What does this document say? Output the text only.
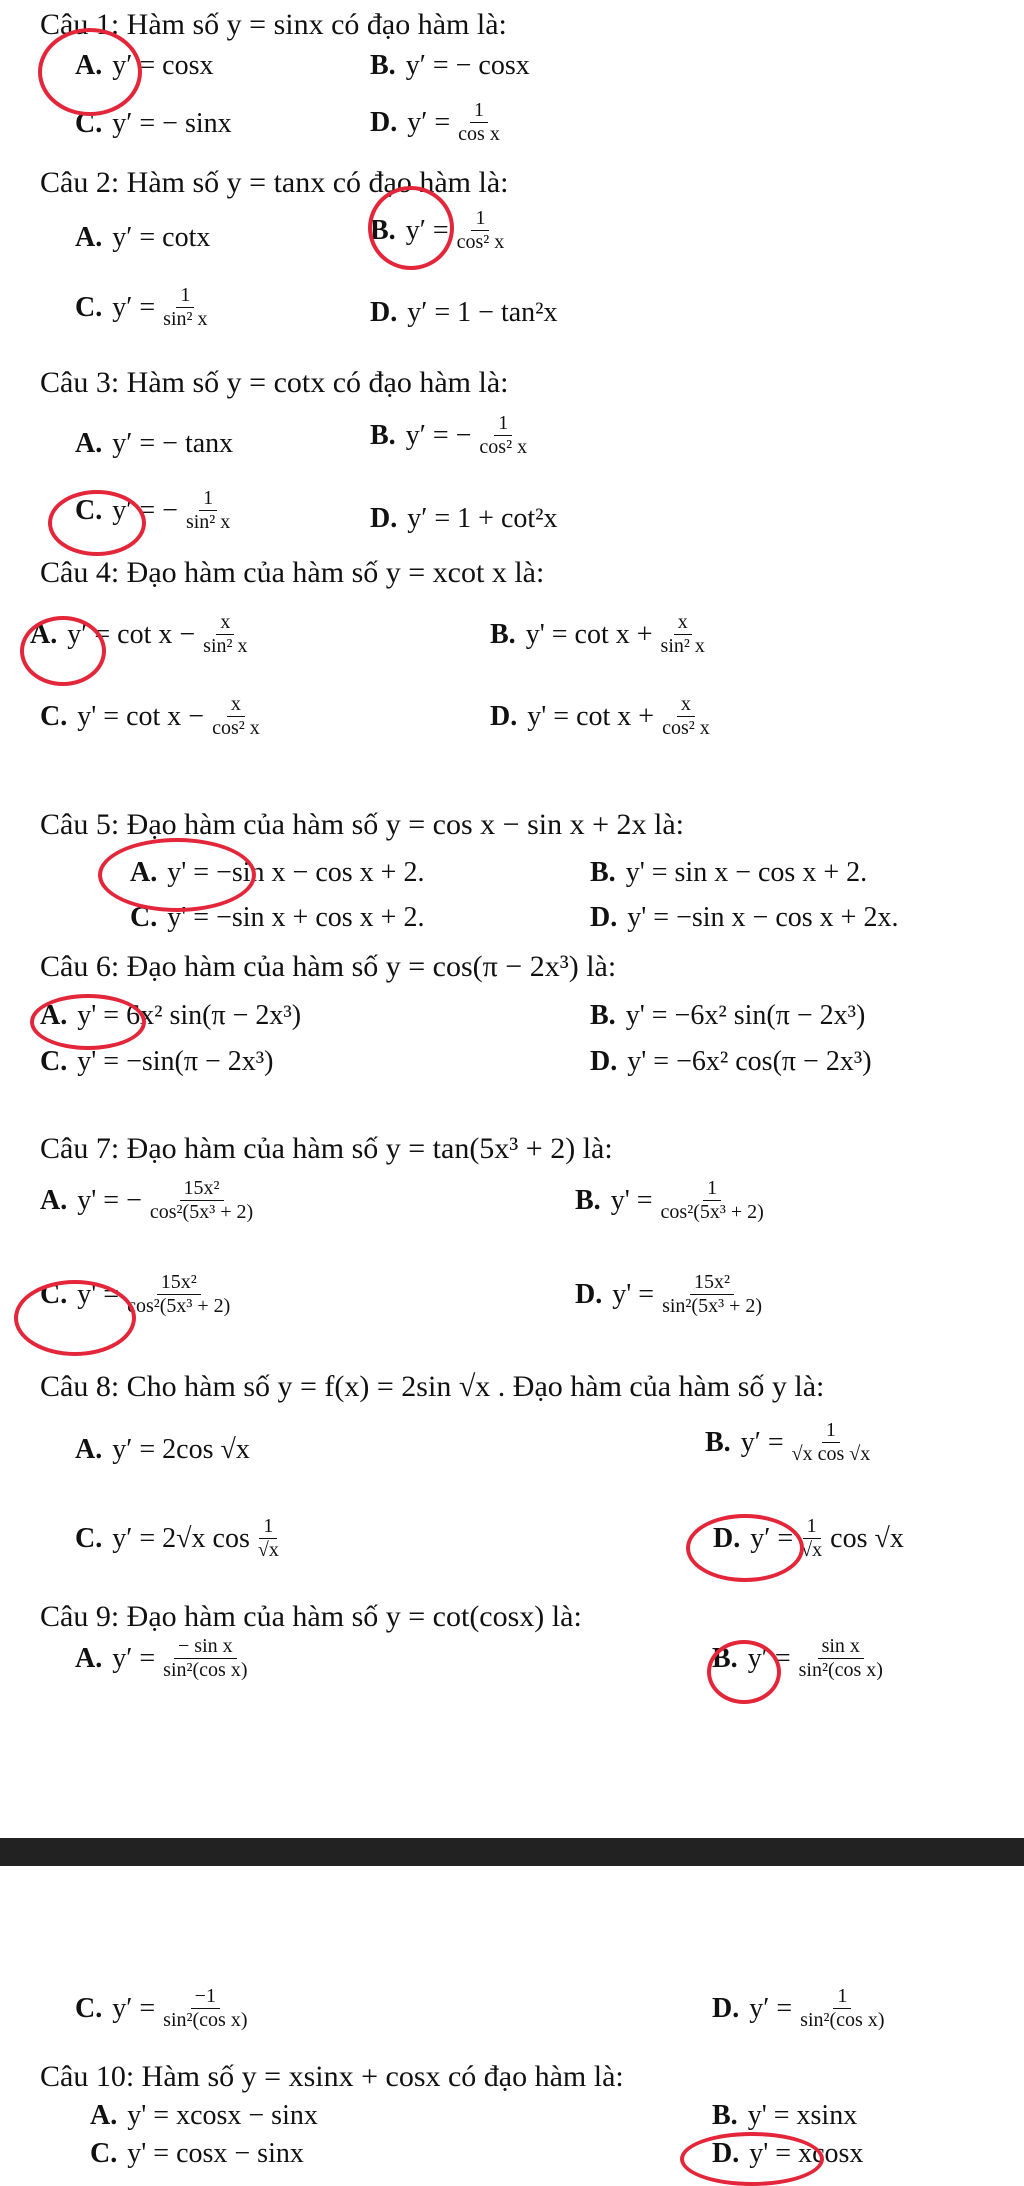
Câu 1: Hàm số y = sinx có đạo hàm là:
A. y′ = cosx	B. y′ = − cosx
C. y′ = − sinx	D. $y' = \frac{1}{\text{cos x}}$
Câu 2: Hàm số y = tanx có đạo hàm là:
A. y′ = cotx	B. $y' = \frac{1}{\text{cos² x}}$
C. $y' = \frac{1}{\text{sin² x}}$	D. y′ = 1 − tan²x
Câu 3: Hàm số y = cotx có đạo hàm là:
A. y′ = − tanx	B. y′ = − $\frac{1}{\text{cos² x}}$
C. y′ = − $\frac{1}{\text{sin² x}}$	D. y′ = 1 + cot²x
Câu 4: Đạo hàm của hàm số y = xcot x là:
A. $y' = \cot x - \frac{x}{\text{sin² x}}$	B. $y' = \cot x + \frac{x}{\text{sin² x}}$
C. $y' = \cot x - \frac{x}{\text{cos² x}}$	D. $y' = \cot x + \frac{x}{\text{cos² x}}$
Câu 5: Đạo hàm của hàm số y = cos x − sin x + 2x là:
A. y' = −sin x − cos x + 2.	B. y' = sin x − cos x + 2.
C. y' = −sin x + cos x + 2.	D. y' = −sin x − cos x + 2x.
Câu 6: Đạo hàm của hàm số y = cos(π − 2x³) là:
A. y' = 6x² sin(π − 2x³)	B. y' = −6x² sin(π − 2x³)
C. y' = −sin(π − 2x³)	D. y' = −6x² cos(π − 2x³)
Câu 7: Đạo hàm của hàm số y = tan(5x³ + 2) là:
A. y' = − $\frac{\text{15x²}}{\text{cos²(5x³ + 2)}}$	B. $y' = \frac{1}{\text{cos²(5x³ + 2)}}$
C. $y' = \frac{\text{15x²}}{\text{cos²(5x³ + 2)}}$	D. $y' = \frac{\text{15x²}}{\text{sin²(5x³ + 2)}}$
Câu 8: Cho hàm số y = f(x) = 2sin √x . Đạo hàm của hàm số y là:
A. y′ = 2cos √x	B. $y' = \frac{1}{\text{√x cos √x}}$
C. y′ = 2√x $\cos \frac{1}{√x}$	D. $y' = \frac{1}{√x}$ cos √x
Câu 9: Đạo hàm của hàm số y = cot(cosx) là:
A. $y' = \frac{\text{− sin x}}{\text{sin²(cos x)}}$	B. $y' = \frac{\text{sin x}}{\text{sin²(cos x)}}$
C. $y' = \frac{-1}{\text{sin²(cos x)}}$	D. $y' = \frac{1}{\text{sin²(cos x)}}$
Câu 10: Hàm số y = xsinx + cosx có đạo hàm là:
A. y' = xcosx − sinx	B. y' = xsinx
C. y' = cosx − sinx	D. y' = xcosx
